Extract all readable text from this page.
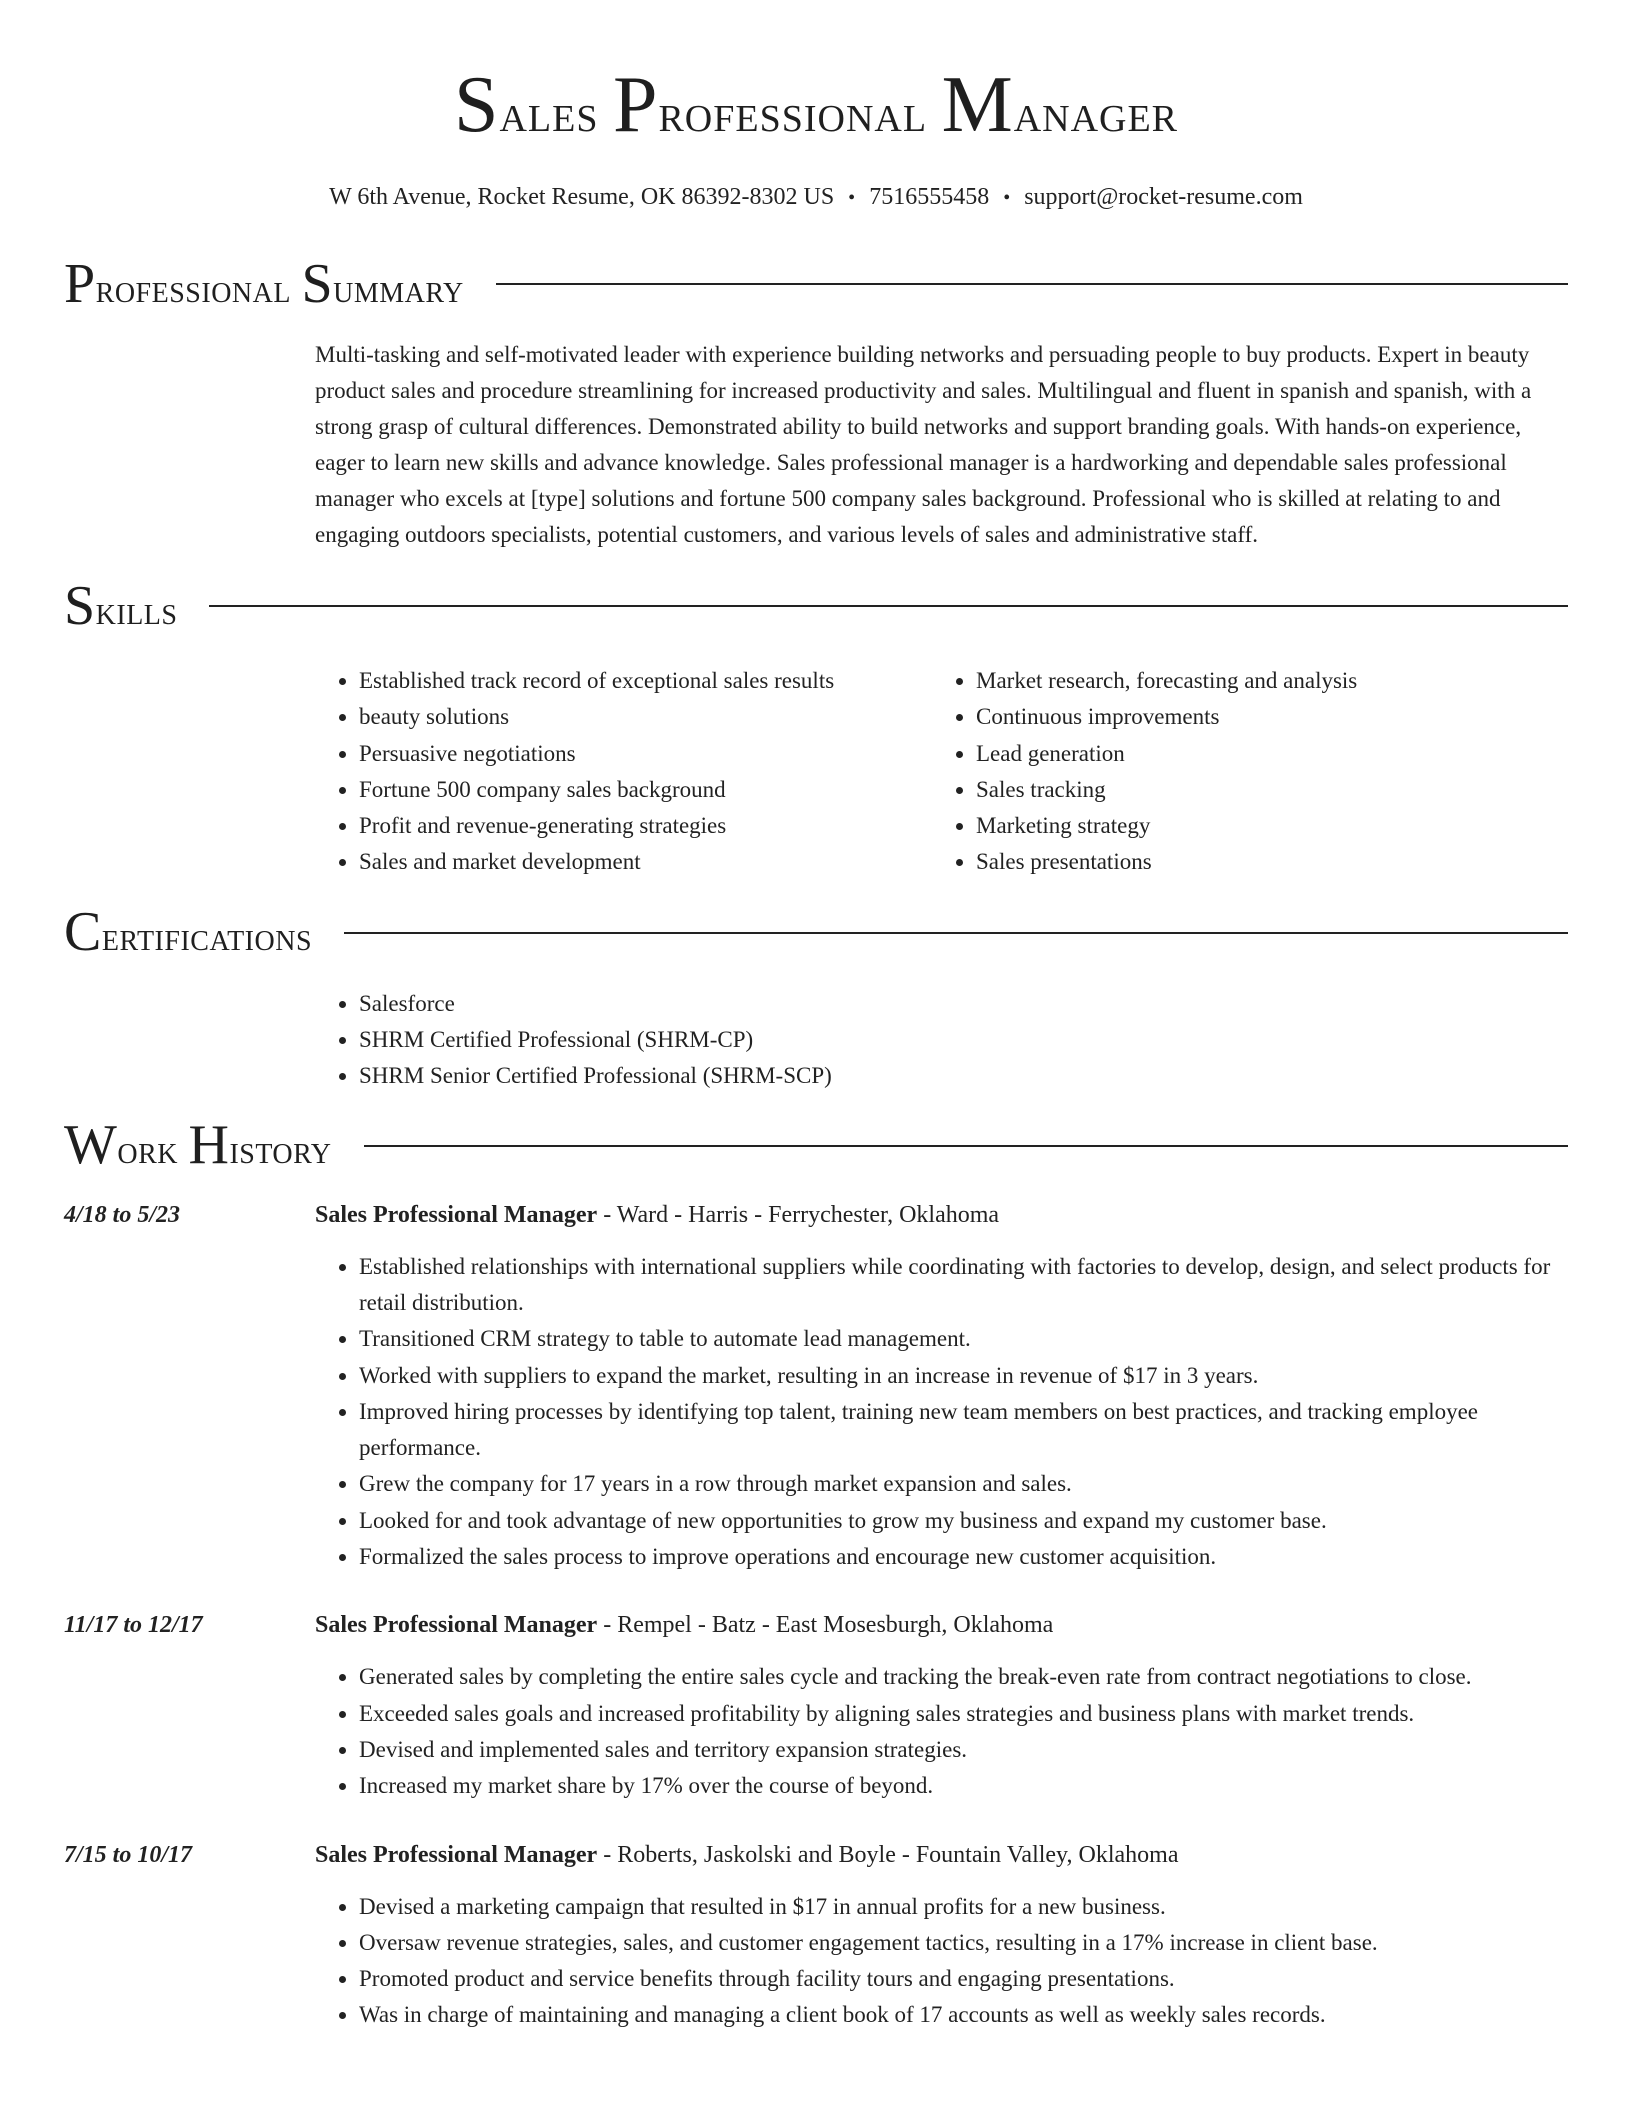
Sales Professional Manager
W 6th Avenue, Rocket Resume, OK 86392-8302 US • 7516555458 • support@rocket-resume.com
Professional Summary

Multi-tasking and self-motivated leader with experience building networks and persuading people to buy products. Expert in beauty product sales and procedure streamlining for increased productivity and sales. Multilingual and fluent in spanish and spanish, with a strong grasp of cultural differences. Demonstrated ability to build networks and support branding goals. With hands-on experience, eager to learn new skills and advance knowledge. Sales professional manager is a hardworking and dependable sales professional manager who excels at [type] solutions and fortune 500 company sales background. Professional who is skilled at relating to and engaging outdoors specialists, potential customers, and various levels of sales and administrative staff.

Skills
• Established track record of exceptional sales results
• beauty solutions
• Persuasive negotiations
• Fortune 500 company sales background
• Profit and revenue-generating strategies
• Sales and market development
• Market research, forecasting and analysis
• Continuous improvements
• Lead generation
• Sales tracking
• Marketing strategy
• Sales presentations
Certifications
• Salesforce
• SHRM Certified Professional (SHRM-CP)
• SHRM Senior Certified Professional (SHRM-SCP)
Work History
4/18 to 5/23	Sales Professional Manager - Ward - Harris - Ferrychester, Oklahoma
• Established relationships with international suppliers while coordinating with factories to develop, design, and select products for retail distribution.
• Transitioned CRM strategy to table to automate lead management.
• Worked with suppliers to expand the market, resulting in an increase in revenue of $17 in 3 years.
• Improved hiring processes by identifying top talent, training new team members on best practices, and tracking employee performance.
• Grew the company for 17 years in a row through market expansion and sales.
• Looked for and took advantage of new opportunities to grow my business and expand my customer base.
• Formalized the sales process to improve operations and encourage new customer acquisition.
11/17 to 12/17	Sales Professional Manager - Rempel - Batz - East Mosesburgh, Oklahoma
• Generated sales by completing the entire sales cycle and tracking the break-even rate from contract negotiations to close.
• Exceeded sales goals and increased profitability by aligning sales strategies and business plans with market trends.
• Devised and implemented sales and territory expansion strategies.
• Increased my market share by 17% over the course of beyond.
7/15 to 10/17	Sales Professional Manager - Roberts, Jaskolski and Boyle - Fountain Valley, Oklahoma
• Devised a marketing campaign that resulted in $17 in annual profits for a new business.
• Oversaw revenue strategies, sales, and customer engagement tactics, resulting in a 17% increase in client base.
• Promoted product and service benefits through facility tours and engaging presentations.
• Was in charge of maintaining and managing a client book of 17 accounts as well as weekly sales records.
